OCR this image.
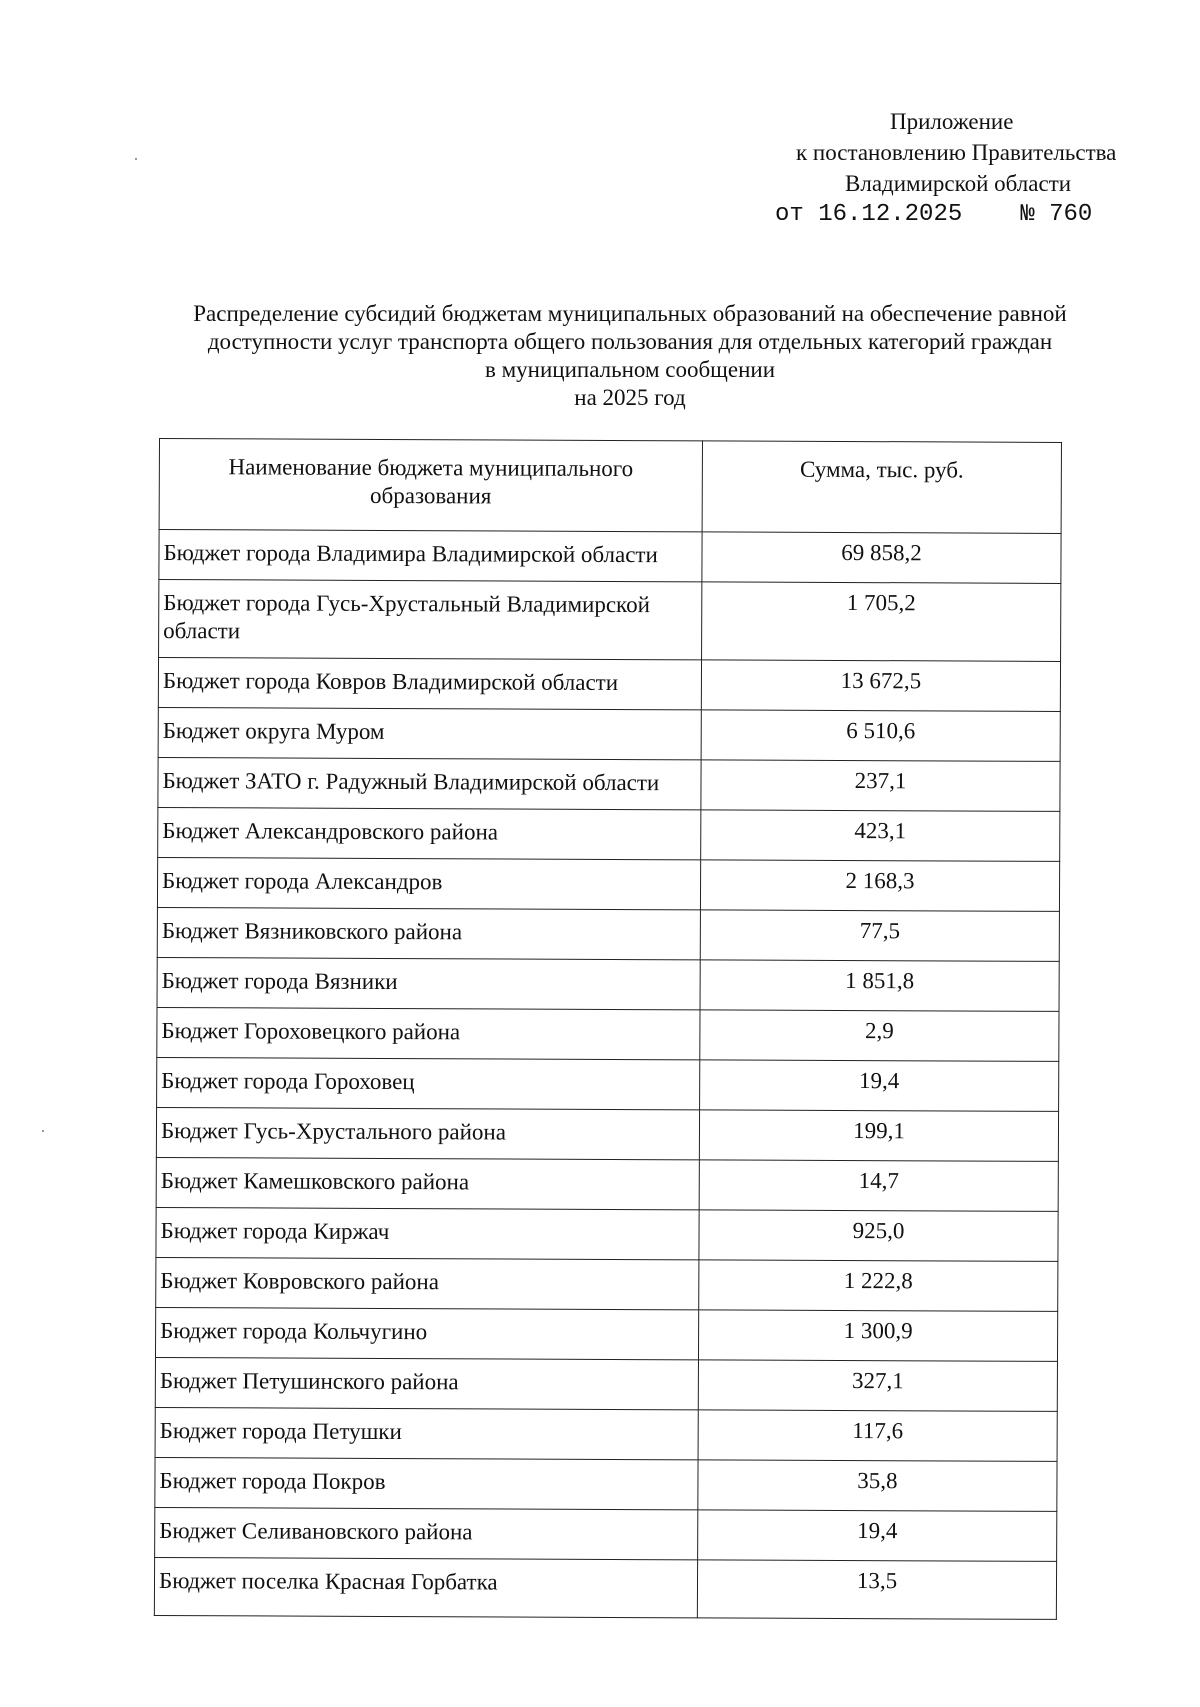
Приложение
к постановлению Правительства
Владимирской области
от 16.12.2025 № 760
Распределение субсидий бюджетам муниципальных образований на обеспечение равной
доступности услуг транспорта общего пользования для отдельных категорий граждан
в муниципальном сообщении
на 2025 год
Наименование бюджета муниципального образования	Сумма, тыс. руб.
Бюджет города Владимира Владимирской области	69 858,2
Бюджет города Гусь-Хрустальный Владимирской области	1 705,2
Бюджет города Ковров Владимирской области	13 672,5
Бюджет округа Муром	6 510,6
Бюджет ЗАТО г. Радужный Владимирской области	237,1
Бюджет Александровского района	423,1
Бюджет города Александров	2 168,3
Бюджет Вязниковского района	77,5
Бюджет города Вязники	1 851,8
Бюджет Гороховецкого района	2,9
Бюджет города Гороховец	19,4
Бюджет Гусь-Хрустального района	199,1
Бюджет Камешковского района	14,7
Бюджет города Киржач	925,0
Бюджет Ковровского района	1 222,8
Бюджет города Кольчугино	1 300,9
Бюджет Петушинского района	327,1
Бюджет города Петушки	117,6
Бюджет города Покров	35,8
Бюджет Селивановского района	19,4
Бюджет поселка Красная Горбатка	13,5
